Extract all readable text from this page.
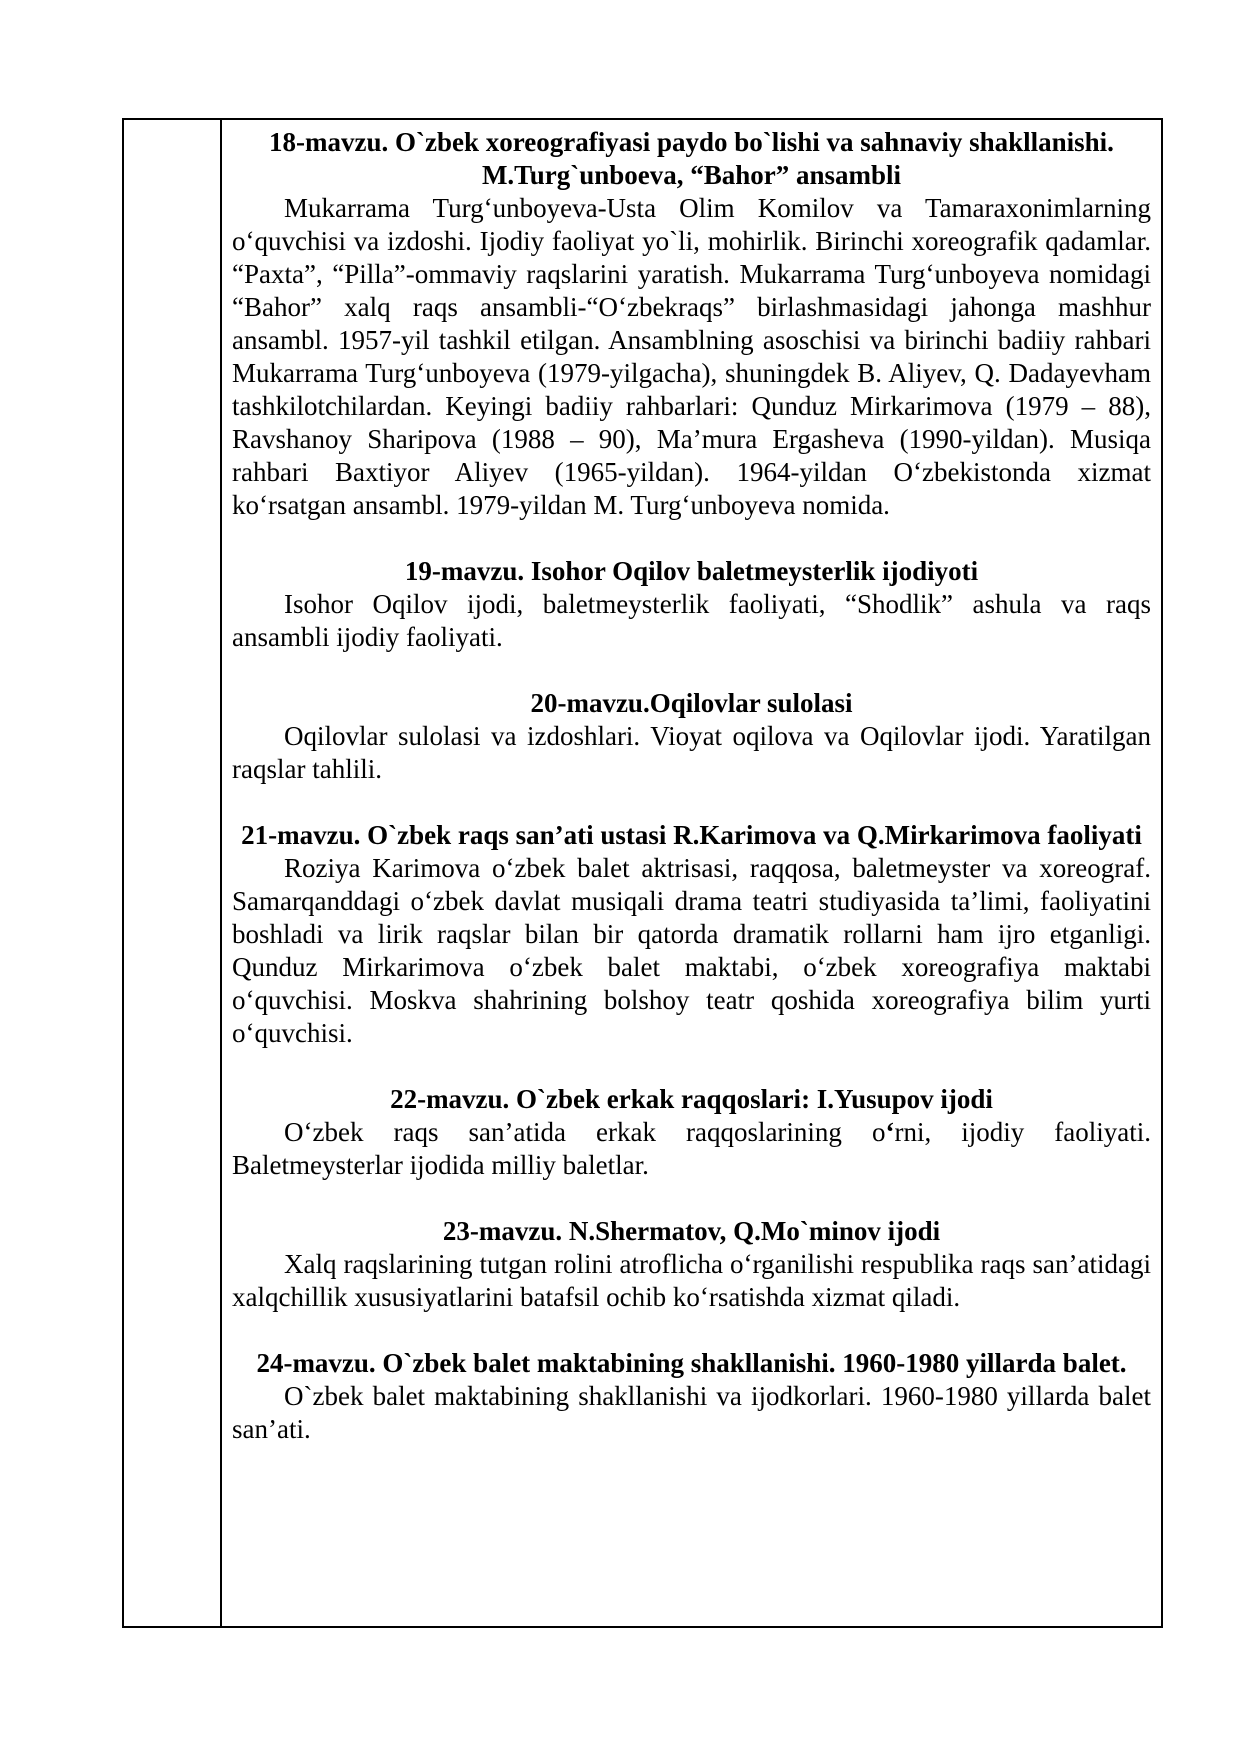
18-mavzu. O`zbek xoreografiyasi paydo bo`lishi va sahnaviy shakllanishi. M.Turg`unboeva, “Bahor” ansambli
Mukarrama Turg‘unboyeva-Usta Olim Komilov va Tamaraxonimlarning o‘quvchisi va izdoshi. Ijodiy faoliyat yo`li, mohirlik. Birinchi xoreografik qadamlar. “Paxta”, “Pilla”-ommaviy raqslarini yaratish. Mukarrama Turg‘unboyeva nomidagi “Bahor” xalq raqs ansambli-“O‘zbekraqs” birlashmasidagi jahonga mashhur ansambl. 1957-yil tashkil etilgan. Ansamblning asoschisi va birinchi badiiy rahbari Mukarrama Turg‘unboyeva (1979-yilgacha), shuningdek B. Aliyev, Q. Dadayevham tashkilotchilardan. Keyingi badiiy rahbarlari: Qunduz Mirkarimova (1979 – 88), Ravshanoy Sharipova (1988 – 90), Ma’mura Ergasheva (1990-yildan). Musiqa rahbari Baxtiyor Aliyev (1965-yildan). 1964-yildan O‘zbekistonda xizmat ko‘rsatgan ansambl. 1979-yildan M. Turg‘unboyeva nomida.
19-mavzu. Isohor Oqilov baletmeysterlik ijodiyoti
Isohor Oqilov ijodi, baletmeysterlik faoliyati, “Shodlik” ashula va raqs ansambli ijodiy faoliyati.
20-mavzu.Oqilovlar sulolasi
Oqilovlar sulolasi va izdoshlari. Vioyat oqilova va Oqilovlar ijodi. Yaratilgan raqslar tahlili.
21-mavzu. O`zbek raqs san’ati ustasi R.Karimova va Q.Mirkarimova faoliyati
Roziya Karimova o‘zbek balet aktrisasi, raqqosa, baletmeyster va xoreograf. Samarqanddagi o‘zbek davlat musiqali drama teatri studiyasida ta’limi, faoliyatini boshladi va lirik raqslar bilan bir qatorda dramatik rollarni ham ijro etganligi. Qunduz Mirkarimova o‘zbek balet maktabi, o‘zbek xoreografiya maktabi o‘quvchisi. Moskva shahrining bolshoy teatr qoshida xoreografiya bilim yurti o‘quvchisi.
22-mavzu. O`zbek erkak raqqoslari: I.Yusupov ijodi
O‘zbek raqs san’atida erkak raqqoslarining o‘rni, ijodiy faoliyati. Baletmeysterlar ijodida milliy baletlar.
23-mavzu. N.Shermatov, Q.Mo`minov ijodi
Xalq raqslarining tutgan rolini atroflicha o‘rganilishi respublika raqs san’atidagi xalqchillik xususiyatlarini batafsil ochib ko‘rsatishda xizmat qiladi.
24-mavzu. O`zbek balet maktabining shakllanishi. 1960-1980 yillarda balet.
O`zbek balet maktabining shakllanishi va ijodkorlari. 1960-1980 yillarda balet san’ati.
